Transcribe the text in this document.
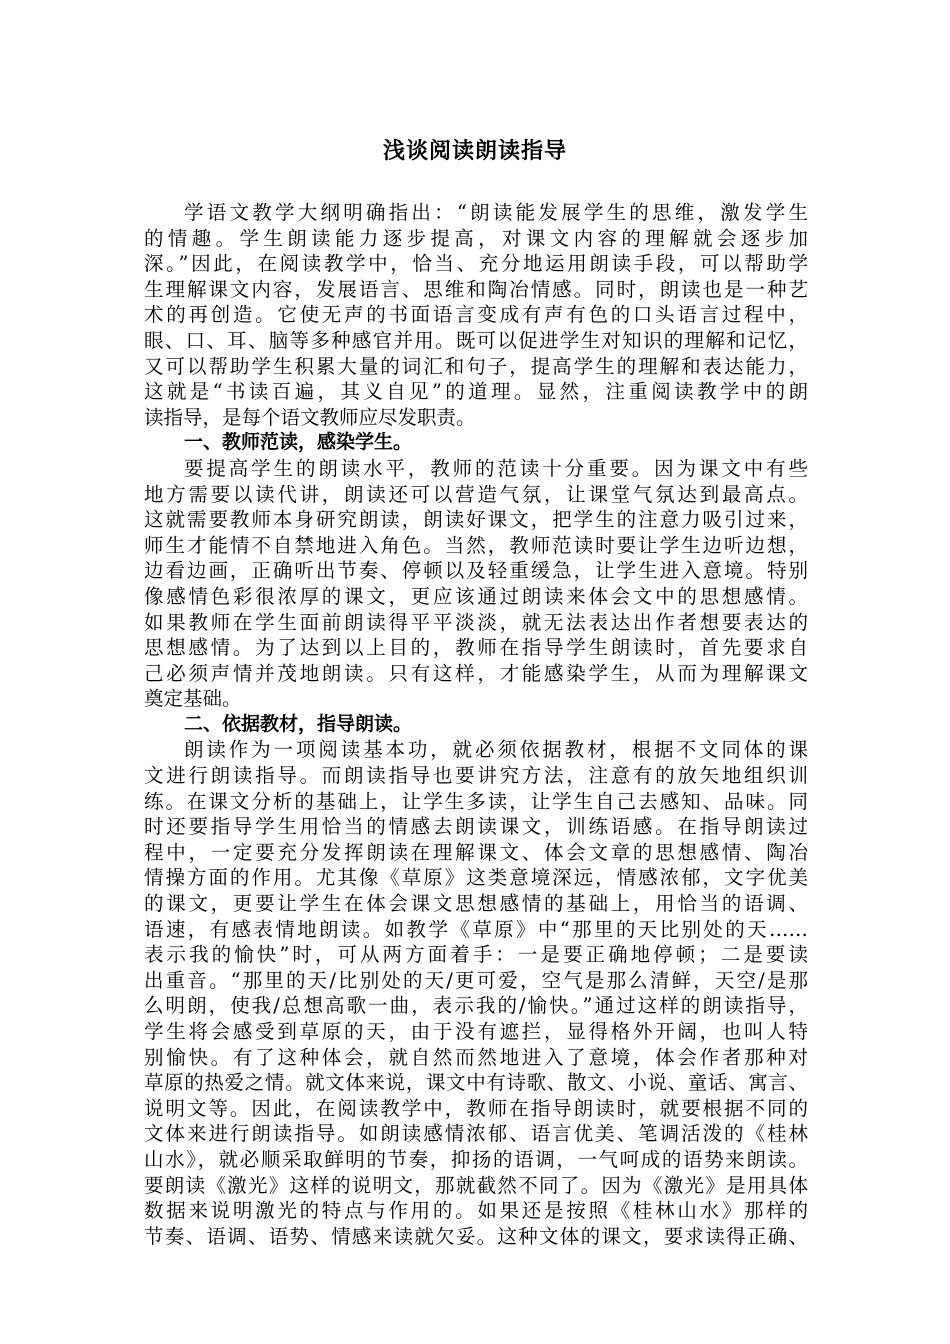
浅谈阅读朗读指导
学语文教学大纲明确指出：“朗读能发展学生的思维，激发学生
的情趣。学生朗读能力逐步提高，对课文内容的理解就会逐步加
深。”因此，在阅读教学中，恰当、充分地运用朗读手段，可以帮助学
生理解课文内容，发展语言、思维和陶冶情感。同时，朗读也是一种艺
术的再创造。它使无声的书面语言变成有声有色的口头语言过程中，
眼、口、耳、脑等多种感官并用。既可以促进学生对知识的理解和记忆，
又可以帮助学生积累大量的词汇和句子，提高学生的理解和表达能力，
这就是“书读百遍，其义自见”的道理。显然，注重阅读教学中的朗
读指导，是每个语文教师应尽发职责。
一、教师范读，感染学生。
要提高学生的朗读水平，教师的范读十分重要。因为课文中有些
地方需要以读代讲，朗读还可以营造气氛，让课堂气氛达到最高点。
这就需要教师本身研究朗读，朗读好课文，把学生的注意力吸引过来，
师生才能情不自禁地进入角色。当然，教师范读时要让学生边听边想，
边看边画，正确听出节奏、停顿以及轻重缓急，让学生进入意境。特别
像感情色彩很浓厚的课文，更应该通过朗读来体会文中的思想感情。
如果教师在学生面前朗读得平平淡淡，就无法表达出作者想要表达的
思想感情。为了达到以上目的，教师在指导学生朗读时，首先要求自
己必须声情并茂地朗读。只有这样，才能感染学生，从而为理解课文
奠定基础。
二、依据教材，指导朗读。
朗读作为一项阅读基本功，就必须依据教材，根据不文同体的课
文进行朗读指导。而朗读指导也要讲究方法，注意有的放矢地组织训
练。在课文分析的基础上，让学生多读，让学生自己去感知、品味。同
时还要指导学生用恰当的情感去朗读课文，训练语感。在指导朗读过
程中，一定要充分发挥朗读在理解课文、体会文章的思想感情、陶冶
情操方面的作用。尤其像《草原》这类意境深远，情感浓郁，文字优美
的课文，更要让学生在体会课文思想感情的基础上，用恰当的语调、
语速，有感表情地朗读。如教学《草原》中“那里的天比别处的天……
表示我的愉快”时，可从两方面着手：一是要正确地停顿；二是要读
出重音。“那里的天/比别处的天/更可爱，空气是那么清鲜，天空/是那
么明朗，使我/总想高歌一曲，表示我的/愉快。”通过这样的朗读指导，
学生将会感受到草原的天，由于没有遮拦，显得格外开阔，也叫人特
别愉快。有了这种体会，就自然而然地进入了意境，体会作者那种对
草原的热爱之情。就文体来说，课文中有诗歌、散文、小说、童话、寓言、
说明文等。因此，在阅读教学中，教师在指导朗读时，就要根据不同的
文体来进行朗读指导。如朗读感情浓郁、语言优美、笔调活泼的《桂林
山水》，就必顺采取鲜明的节奏，抑扬的语调，一气呵成的语势来朗读。
要朗读《激光》这样的说明文，那就截然不同了。因为《激光》是用具体
数据来说明激光的特点与作用的。如果还是按照《桂林山水》那样的
节奏、语调、语势、情感来读就欠妥。这种文体的课文，要求读得正确、
